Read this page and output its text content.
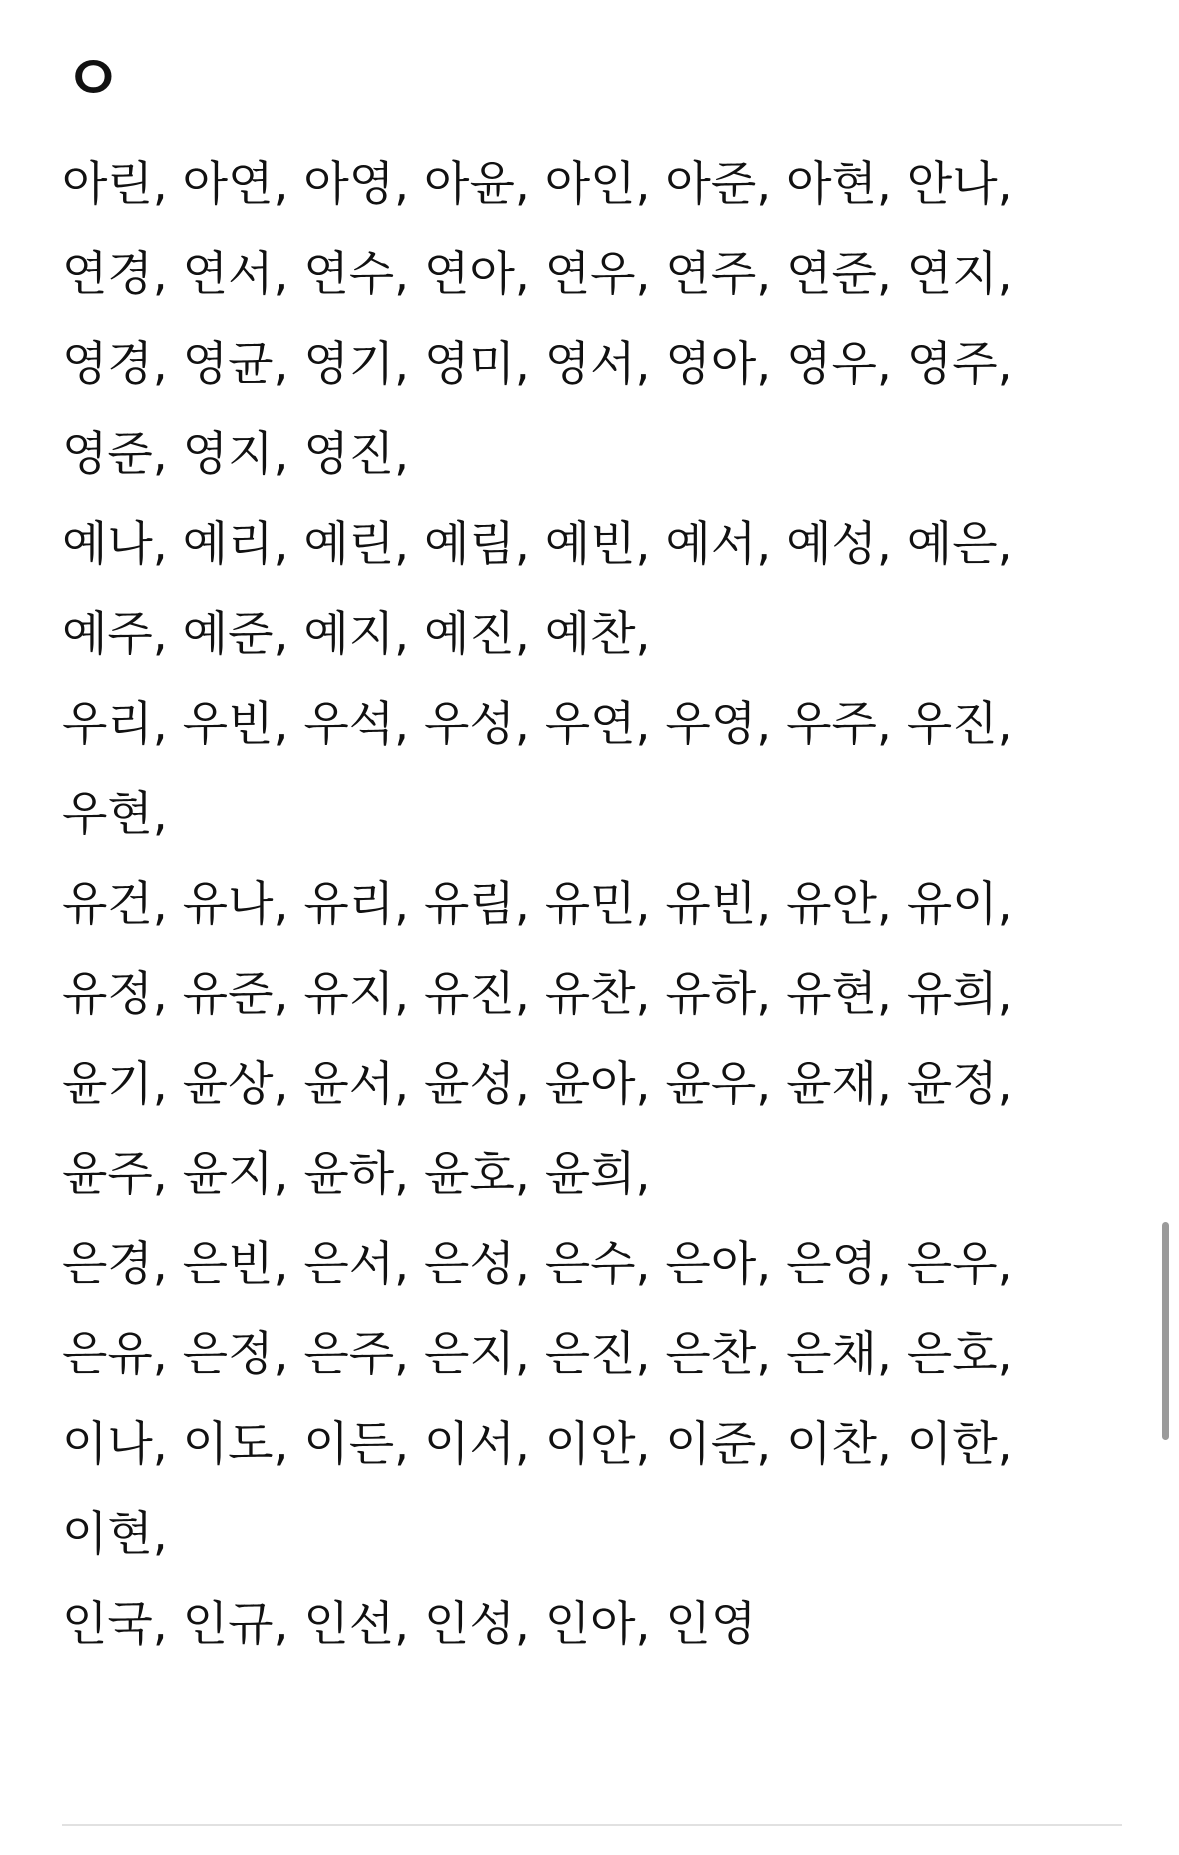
ㅇ

아린, 아연, 아영, 아윤, 아인, 아준, 아현, 안나,

연경, 연서, 연수, 연아, 연우, 연주, 연준, 연지,

영경, 영균, 영기, 영미, 영서, 영아, 영우, 영주, 영준, 영지, 영진,

예나, 예리, 예린, 예림, 예빈, 예서, 예성, 예은, 예주, 예준, 예지, 예진, 예찬,

우리, 우빈, 우석, 우성, 우연, 우영, 우주, 우진, 우현,

유건, 유나, 유리, 유림, 유민, 유빈, 유안, 유이, 유정, 유준, 유지, 유진, 유찬, 유하, 유현, 유희,

윤기, 윤상, 윤서, 윤성, 윤아, 윤우, 윤재, 윤정, 윤주, 윤지, 윤하, 윤호, 윤희,

은경, 은빈, 은서, 은성, 은수, 은아, 은영, 은우, 은유, 은정, 은주, 은지, 은진, 은찬, 은채, 은호,

이나, 이도, 이든, 이서, 이안, 이준, 이찬, 이한, 이현,

인국, 인규, 인선, 인성, 인아, 인영
